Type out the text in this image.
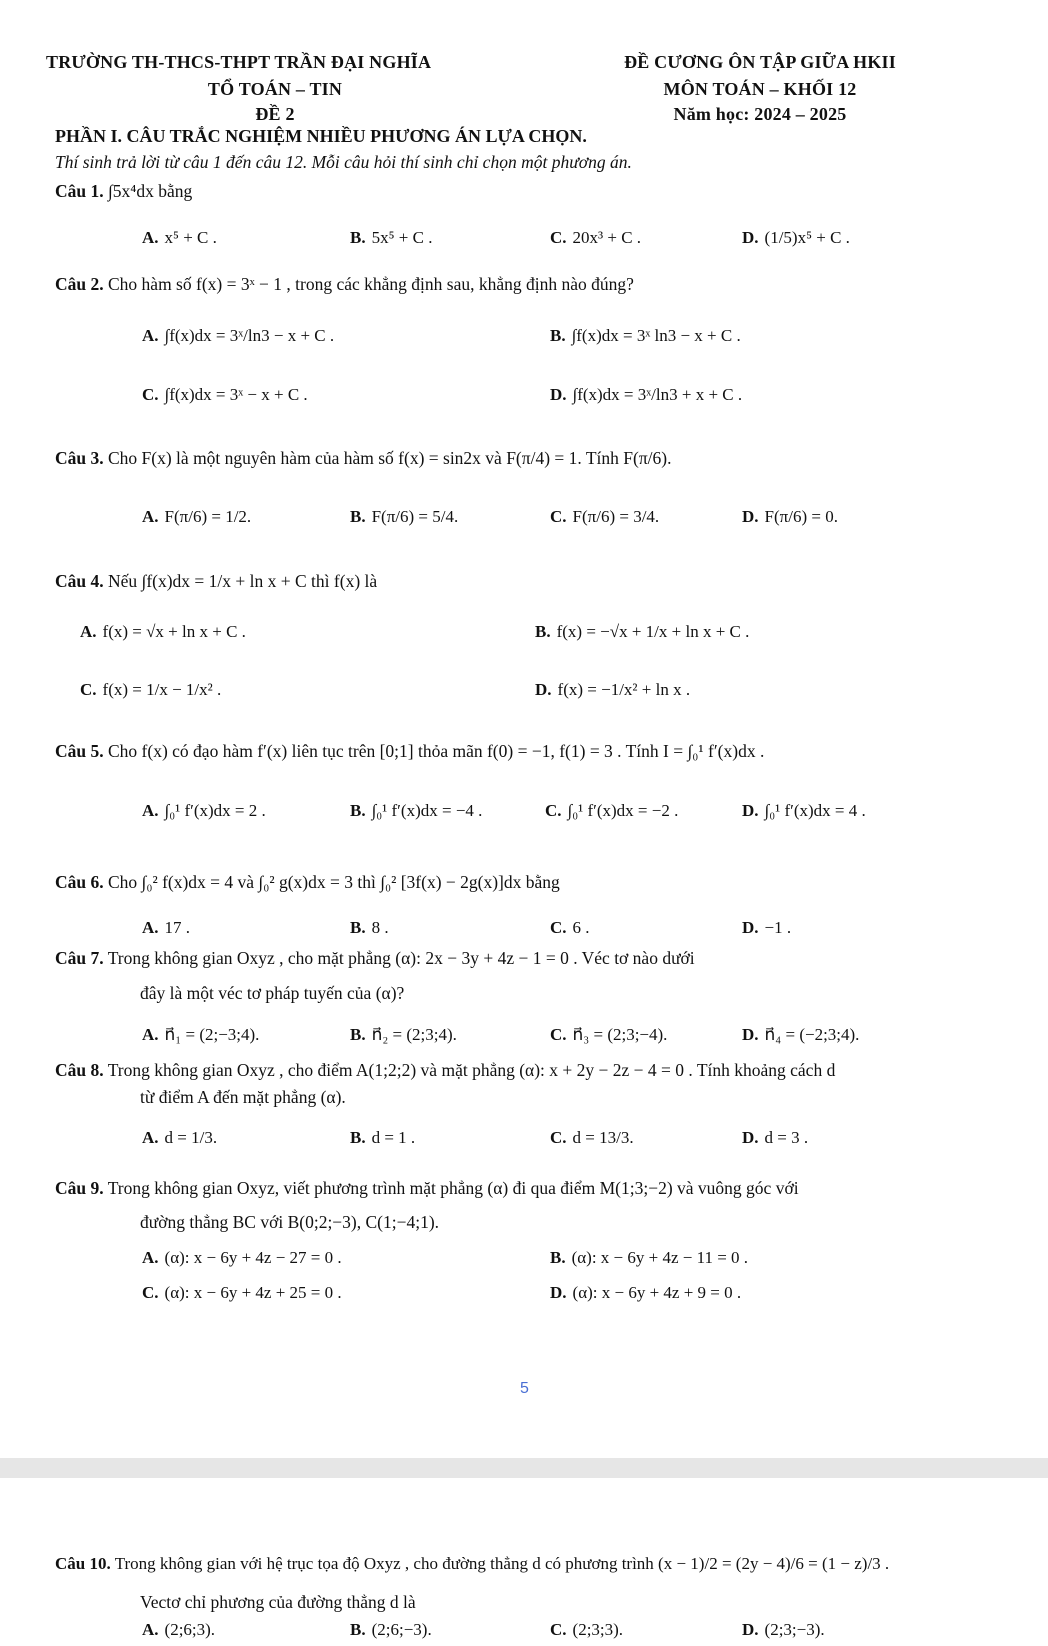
TRƯỜNG TH-THCS-THPT TRẦN ĐẠI NGHĨA
TỔ TOÁN – TIN
ĐỀ 2
ĐỀ CƯƠNG ÔN TẬP GIỮA HKII
MÔN TOÁN – KHỐI 12
Năm học: 2024 – 2025
PHẦN I. CÂU TRẮC NGHIỆM NHIỀU PHƯƠNG ÁN LỰA CHỌN.
Thí sinh trả lời từ câu 1 đến câu 12. Mỗi câu hỏi thí sinh chỉ chọn một phương án.
Câu 1. ∫5x⁴dx bằng
A. x⁵ + C .	B. 5x⁵ + C .	C. 20x³ + C .	D. (1/5)x⁵ + C .
Câu 2. Cho hàm số f(x) = 3ˣ − 1 , trong các khẳng định sau, khẳng định nào đúng?
A. ∫f(x)dx = 3ˣ/ln3 − x + C .	B. ∫f(x)dx = 3ˣ ln3 − x + C .
C. ∫f(x)dx = 3ˣ − x + C .	D. ∫f(x)dx = 3ˣ/ln3 + x + C .
Câu 3. Cho F(x) là một nguyên hàm của hàm số f(x) = sin2x và F(π/4) = 1. Tính F(π/6).
A. F(π/6) = 1/2.	B. F(π/6) = 5/4.	C. F(π/6) = 3/4.	D. F(π/6) = 0.
Câu 4. Nếu ∫f(x)dx = 1/x + ln x + C thì f(x) là
A. f(x) = √x + ln x + C .	B. f(x) = −√x + 1/x + ln x + C .
C. f(x) = 1/x − 1/x² .	D. f(x) = −1/x² + ln x .
Câu 5. Cho f(x) có đạo hàm f′(x) liên tục trên [0;1] thỏa mãn f(0) = −1, f(1) = 3 . Tính I = ∫₀¹ f′(x)dx .
A. ∫₀¹ f′(x)dx = 2 .	B. ∫₀¹ f′(x)dx = −4 .	C. ∫₀¹ f′(x)dx = −2 .	D. ∫₀¹ f′(x)dx = 4 .
Câu 6. Cho ∫₀² f(x)dx = 4 và ∫₀² g(x)dx = 3 thì ∫₀² [3f(x) − 2g(x)]dx bằng
A. 17 .	B. 8 .	C. 6 .	D. −1 .
Câu 7. Trong không gian Oxyz , cho mặt phẳng (α): 2x − 3y + 4z − 1 = 0 . Véc tơ nào dưới
đây là một véc tơ pháp tuyến của (α)?
A. n⃗₁ = (2;−3;4).	B. n⃗₂ = (2;3;4).	C. n⃗₃ = (2;3;−4).	D. n⃗₄ = (−2;3;4).
Câu 8. Trong không gian Oxyz , cho điểm A(1;2;2) và mặt phẳng (α): x + 2y − 2z − 4 = 0 . Tính khoảng cách d
từ điểm A đến mặt phẳng (α).
A. d = 1/3.	B. d = 1 .	C. d = 13/3.	D. d = 3 .
Câu 9. Trong không gian Oxyz, viết phương trình mặt phẳng (α) đi qua điểm M(1;3;−2) và vuông góc với
đường thẳng BC với B(0;2;−3), C(1;−4;1).
A. (α): x − 6y + 4z − 27 = 0 .	B. (α): x − 6y + 4z − 11 = 0 .
C. (α): x − 6y + 4z + 25 = 0 .	D. (α): x − 6y + 4z + 9 = 0 .
5
Câu 10. Trong không gian với hệ trục tọa độ Oxyz , cho đường thẳng d có phương trình (x − 1)/2 = (2y − 4)/6 = (1 − z)/3 .
Vectơ chỉ phương của đường thẳng d là
A. (2;6;3).	B. (2;6;−3).	C. (2;3;3).	D. (2;3;−3).
